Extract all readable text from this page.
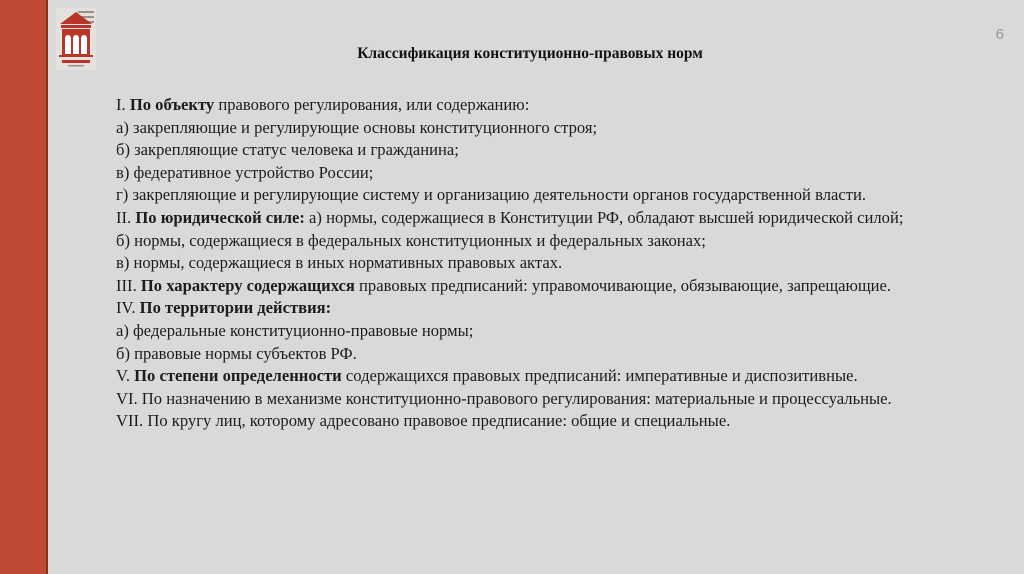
6
Классификация конституционно-правовых норм

I. По объекту правового регулирования, или содержанию:

а) закрепляющие и регулирующие основы конституционного строя;

б) закрепляющие статус человека и гражданина;

в) федеративное устройство России;

г) закрепляющие и регулирующие систему и организацию деятельности органов государственной власти.

II. По юридической силе: а) нормы, содержащиеся в Конституции РФ, обладают высшей юридической силой;

б) нормы, содержащиеся в федеральных конституционных и федеральных законах;

в) нормы, содержащиеся в иных нормативных правовых актах.

III. По характеру содержащихся правовых предписаний: управомочивающие, обязывающие, запрещающие.

IV. По территории действия:

а) федеральные конституционно-правовые нормы;

б) правовые нормы субъектов РФ.

V. По степени определенности содержащихся правовых предписаний: императивные и диспозитивные.

VI. По назначению в механизме конституционно-правового регулирования: материальные и процессуальные.

VII. По кругу лиц, которому адресовано правовое предписание: общие и специальные.
